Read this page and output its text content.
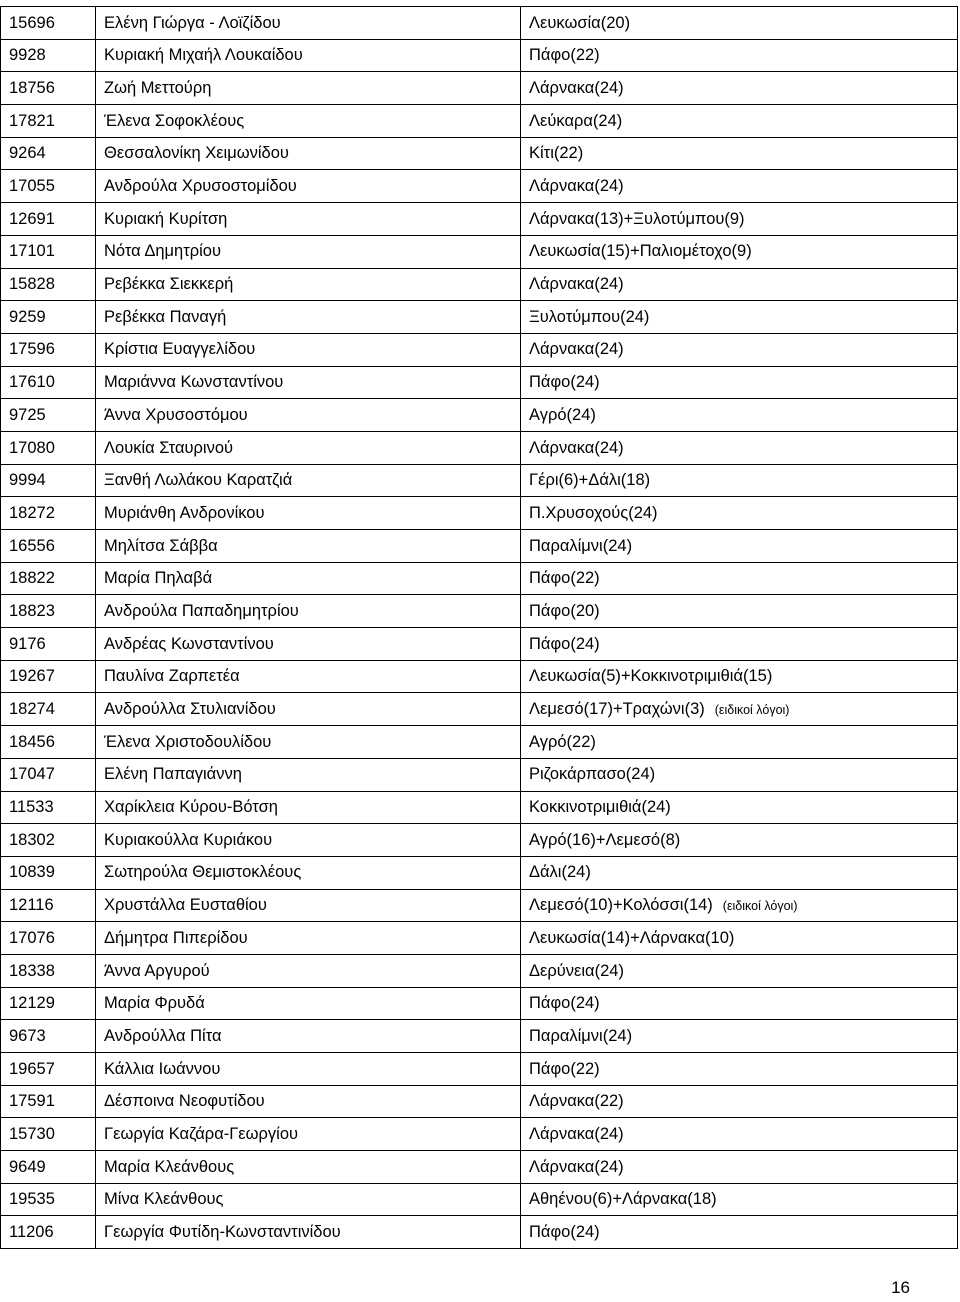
15696	Ελένη Γιώργα - Λοϊζίδου	Λευκωσία(20)
9928	Κυριακή Μιχαήλ Λουκαίδου	Πάφο(22)
18756	Ζωή Μεττούρη	Λάρνακα(24)
17821	Έλενα Σοφοκλέους	Λεύκαρα(24)
9264	Θεσσαλονίκη Χειμωνίδου	Κίτι(22)
17055	Ανδρούλα Χρυσοστομίδου	Λάρνακα(24)
12691	Κυριακή Κυρίτση	Λάρνακα(13)+Ξυλοτύμπου(9)
17101	Νότα Δημητρίου	Λευκωσία(15)+Παλιομέτοχο(9)
15828	Ρεβέκκα Σιεκκερή	Λάρνακα(24)
9259	Ρεβέκκα Παναγή	Ξυλοτύμπου(24)
17596	Κρίστια Ευαγγελίδου	Λάρνακα(24)
17610	Μαριάννα Κωνσταντίνου	Πάφο(24)
9725	Άννα Χρυσοστόμου	Αγρό(24)
17080	Λουκία Σταυρινού	Λάρνακα(24)
9994	Ξανθή Λωλάκου Καρατζιά	Γέρι(6)+Δάλι(18)
18272	Μυριάνθη Ανδρονίκου	Π.Χρυσοχούς(24)
16556	Μηλίτσα Σάββα	Παραλίμνι(24)
18822	Μαρία Πηλαβά	Πάφο(22)
18823	Ανδρούλα Παπαδημητρίου	Πάφο(20)
9176	Ανδρέας Κωνσταντίνου	Πάφο(24)
19267	Παυλίνα Ζαρπετέα	Λευκωσία(5)+Κοκκινοτριμιθιά(15)
18274	Ανδρούλλα Στυλιανίδου	Λεμεσό(17)+Τραχώνι(3) (ειδικοί λόγοι)
18456	Έλενα Χριστοδουλίδου	Αγρό(22)
17047	Ελένη Παπαγιάννη	Ριζοκάρπασο(24)
11533	Χαρίκλεια Κύρου-Βότση	Κοκκινοτριμιθιά(24)
18302	Κυριακούλλα Κυριάκου	Αγρό(16)+Λεμεσό(8)
10839	Σωτηρούλα Θεμιστοκλέους	Δάλι(24)
12116	Χρυστάλλα Ευσταθίου	Λεμεσό(10)+Κολόσσι(14) (ειδικοί λόγοι)
17076	Δήμητρα Πιπερίδου	Λευκωσία(14)+Λάρνακα(10)
18338	Άννα Αργυρού	Δερύνεια(24)
12129	Μαρία Φρυδά	Πάφο(24)
9673	Ανδρούλλα Πίτα	Παραλίμνι(24)
19657	Κάλλια Ιωάννου	Πάφο(22)
17591	Δέσποινα Νεοφυτίδου	Λάρνακα(22)
15730	Γεωργία Καζάρα-Γεωργίου	Λάρνακα(24)
9649	Μαρία Κλεάνθους	Λάρνακα(24)
19535	Μίνα Κλεάνθους	Αθηένου(6)+Λάρνακα(18)
11206	Γεωργία Φυτίδη-Κωνσταντινίδου	Πάφο(24)
16
